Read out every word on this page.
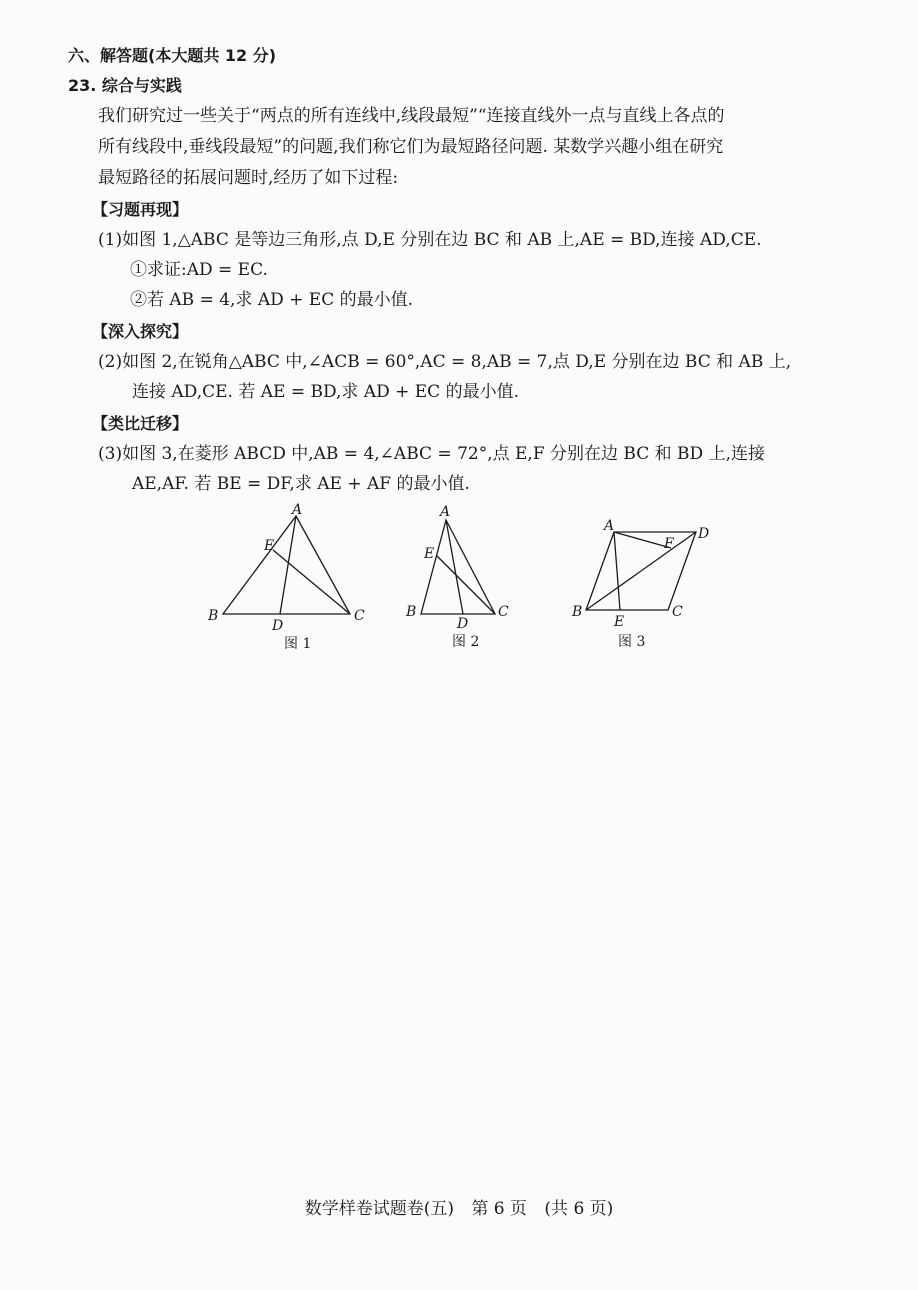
六、解答题(本大题共 12 分)
23. 综合与实践
我们研究过一些关于“两点的所有连线中,线段最短”“连接直线外一点与直线上各点的
所有线段中,垂线段最短”的问题,我们称它们为最短路径问题. 某数学兴趣小组在研究
最短路径的拓展问题时,经历了如下过程:
【习题再现】
(1)如图 1,△ABC 是等边三角形,点 D,E 分别在边 BC 和 AB 上,AE = BD,连接 AD,CE.
①求证:AD = EC.
②若 AB = 4,求 AD + EC 的最小值.
【深入探究】
(2)如图 2,在锐角△ABC 中,∠ACB = 60°,AC = 8,AB = 7,点 D,E 分别在边 BC 和 AB 上,
连接 AD,CE. 若 AE = BD,求 AD + EC 的最小值.
【类比迁移】
(3)如图 3,在菱形 ABCD 中,AB = 4,∠ABC = 72°,点 E,F 分别在边 BC 和 BD 上,连接
AE,AF. 若 BE = DF,求 AE + AF 的最小值.
A
E
B	C
D
图 1
A
E
B	C
D
图 2
A	D
F
B	C
E
图 3
数学样卷试题卷(五) 第 6 页 (共 6 页)
